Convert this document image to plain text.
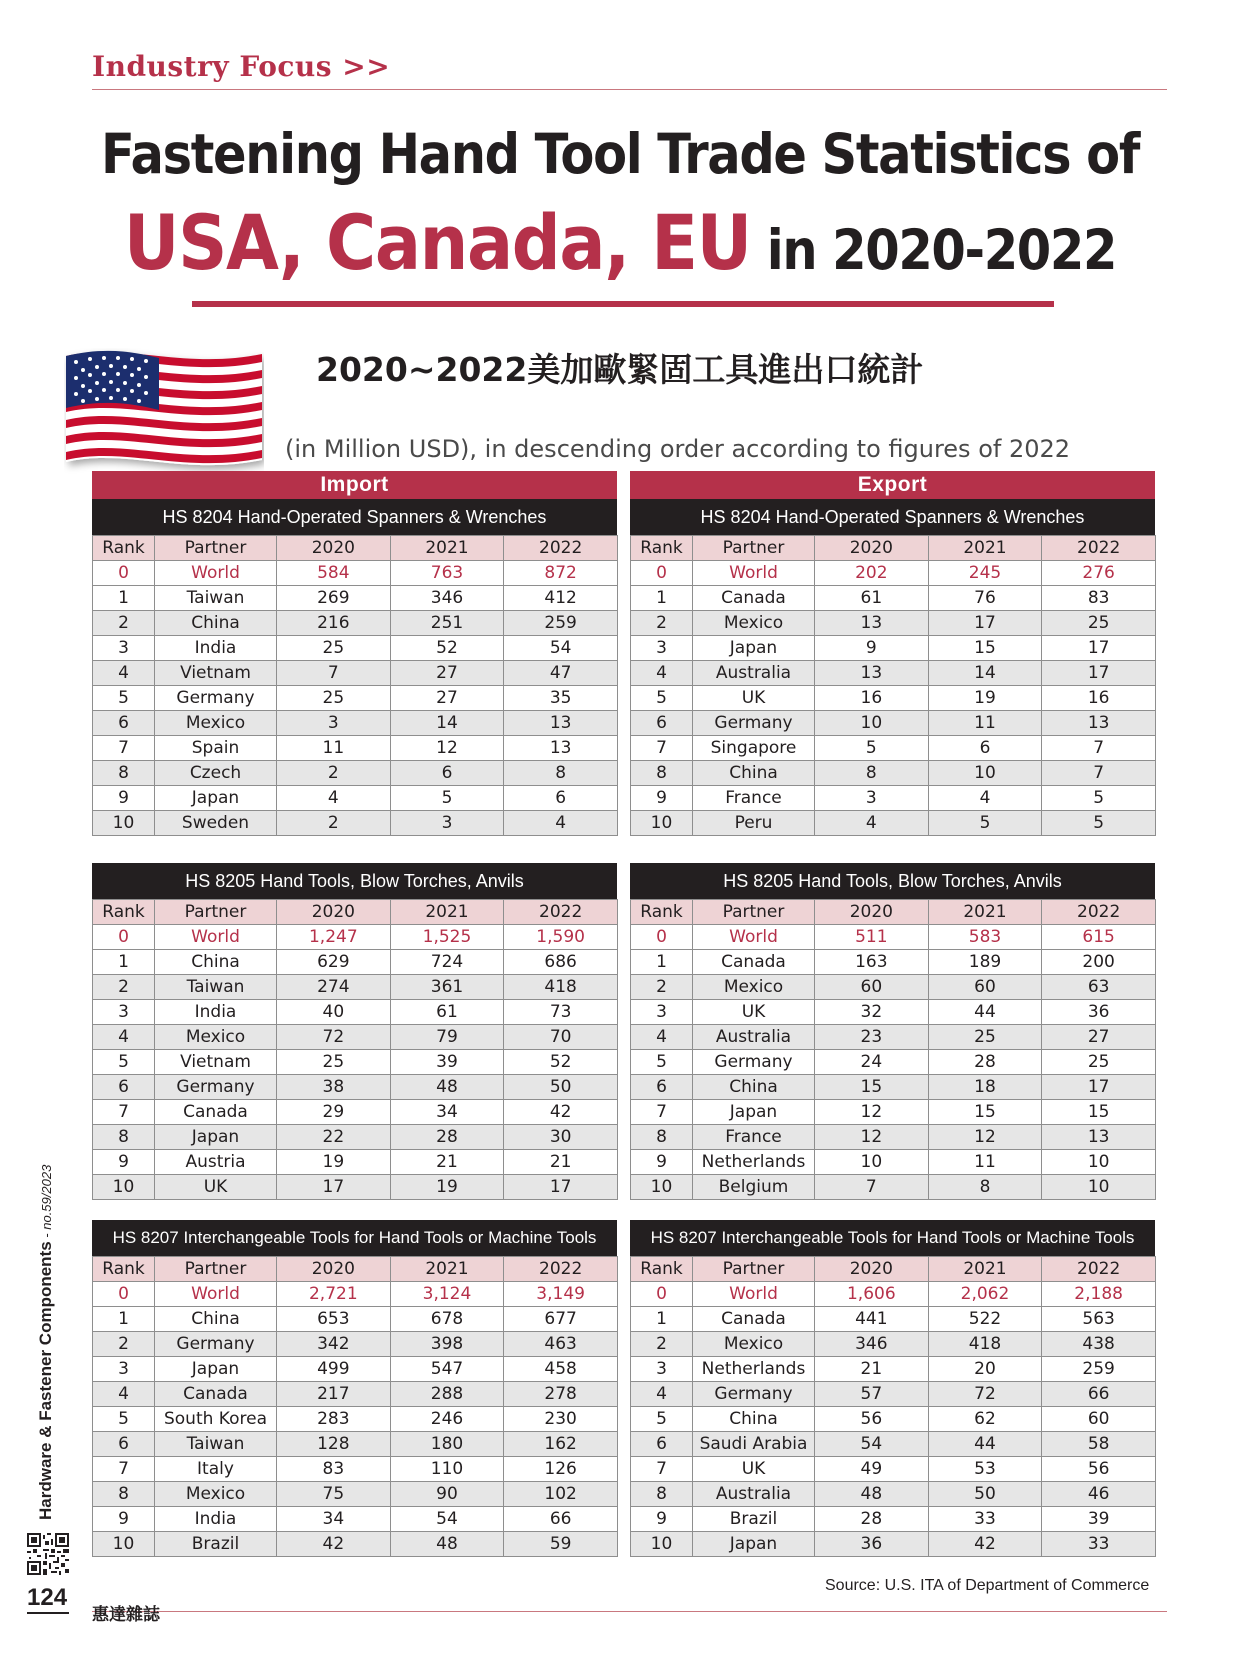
Industry Focus >>
Fastening Hand Tool Trade Statistics of
USA, Canada, EU in 2020-2022
2020~2022美加歐緊固工具進出口統計
(in Million USD), in descending order according to figures of 2022
Import
HS 8204 Hand-Operated Spanners & Wrenches
Rank	Partner	2020	2021	2022
0	World	584	763	872
1	Taiwan	269	346	412
2	China	216	251	259
3	India	25	52	54
4	Vietnam	7	27	47
5	Germany	25	27	35
6	Mexico	3	14	13
7	Spain	11	12	13
8	Czech	2	6	8
9	Japan	4	5	6
10	Sweden	2	3	4
HS 8205 Hand Tools, Blow Torches, Anvils
Rank	Partner	2020	2021	2022
0	World	1,247	1,525	1,590
1	China	629	724	686
2	Taiwan	274	361	418
3	India	40	61	73
4	Mexico	72	79	70
5	Vietnam	25	39	52
6	Germany	38	48	50
7	Canada	29	34	42
8	Japan	22	28	30
9	Austria	19	21	21
10	UK	17	19	17
HS 8207 Interchangeable Tools for Hand Tools or Machine Tools
Rank	Partner	2020	2021	2022
0	World	2,721	3,124	3,149
1	China	653	678	677
2	Germany	342	398	463
3	Japan	499	547	458
4	Canada	217	288	278
5	South Korea	283	246	230
6	Taiwan	128	180	162
7	Italy	83	110	126
8	Mexico	75	90	102
9	India	34	54	66
10	Brazil	42	48	59
Export
HS 8204 Hand-Operated Spanners & Wrenches
Rank	Partner	2020	2021	2022
0	World	202	245	276
1	Canada	61	76	83
2	Mexico	13	17	25
3	Japan	9	15	17
4	Australia	13	14	17
5	UK	16	19	16
6	Germany	10	11	13
7	Singapore	5	6	7
8	China	8	10	7
9	France	3	4	5
10	Peru	4	5	5
HS 8205 Hand Tools, Blow Torches, Anvils
Rank	Partner	2020	2021	2022
0	World	511	583	615
1	Canada	163	189	200
2	Mexico	60	60	63
3	UK	32	44	36
4	Australia	23	25	27
5	Germany	24	28	25
6	China	15	18	17
7	Japan	12	15	15
8	France	12	12	13
9	Netherlands	10	11	10
10	Belgium	7	8	10
HS 8207 Interchangeable Tools for Hand Tools or Machine Tools
Rank	Partner	2020	2021	2022
0	World	1,606	2,062	2,188
1	Canada	441	522	563
2	Mexico	346	418	438
3	Netherlands	21	20	259
4	Germany	57	72	66
5	China	56	62	60
6	Saudi Arabia	54	44	58
7	UK	49	53	56
8	Australia	48	50	46
9	Brazil	28	33	39
10	Japan	36	42	33
Source: U.S. ITA of Department of Commerce
Hardware & Fastener Components - no.59/2023
124
惠達雜誌
